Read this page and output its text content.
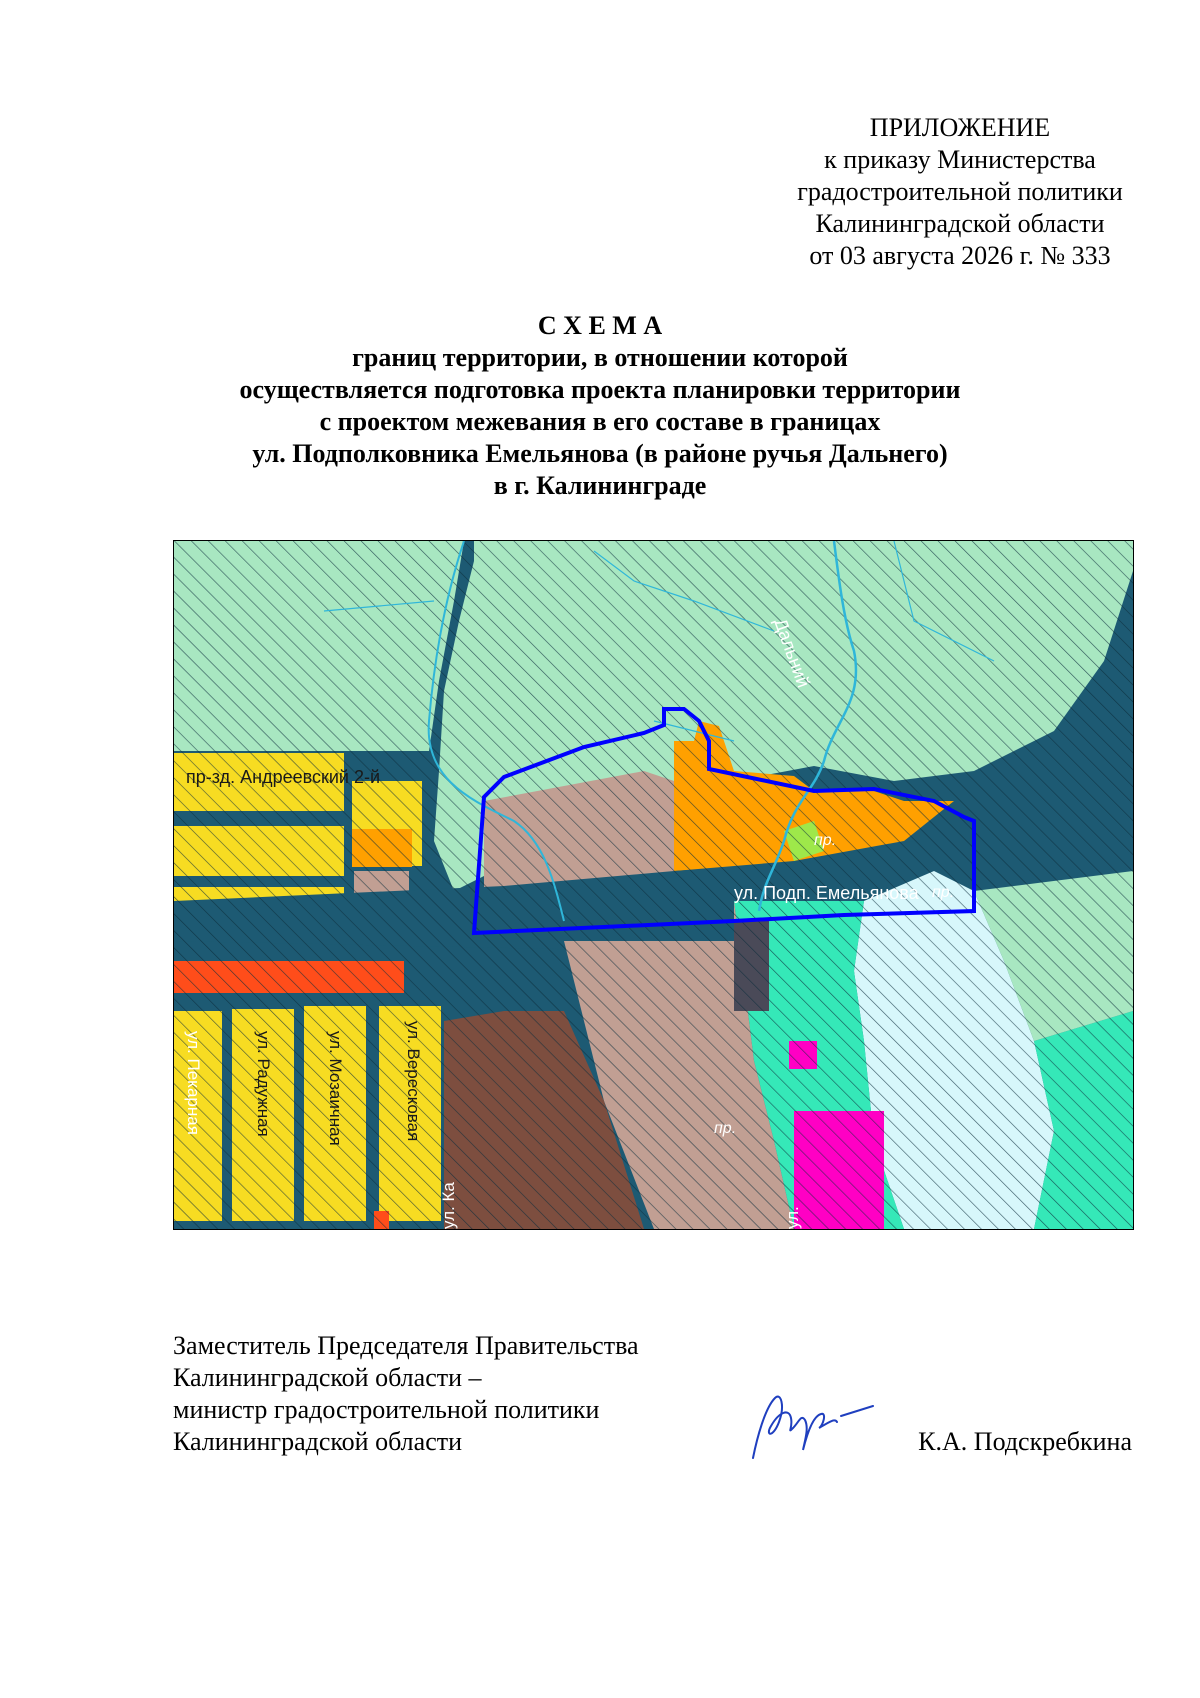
ПРИЛОЖЕНИЕ
к приказу Министерства
градостроительной политики
Калининградской области
от 03 августа 2026 г. № 333
С Х Е М А
границ территории, в отношении которой
осуществляется подготовка проекта планировки территории
с проектом межевания в его составе в границах
ул. Подполковника Емельянова (в районе ручья Дальнего)
в г. Калининграде
пр-зд. Андреевский 2-й
Дальний
ул. Подп. Емельянова
пр.
пр.
пр.
ул. Пекарная	ул. Радужная	ул. Мозаичная	ул. Вересковая
ул. Ка	ул.
Заместитель Председателя Правительства
Калининградской области –
министр градостроительной политики
Калининградской области	К.А. Подскребкина
